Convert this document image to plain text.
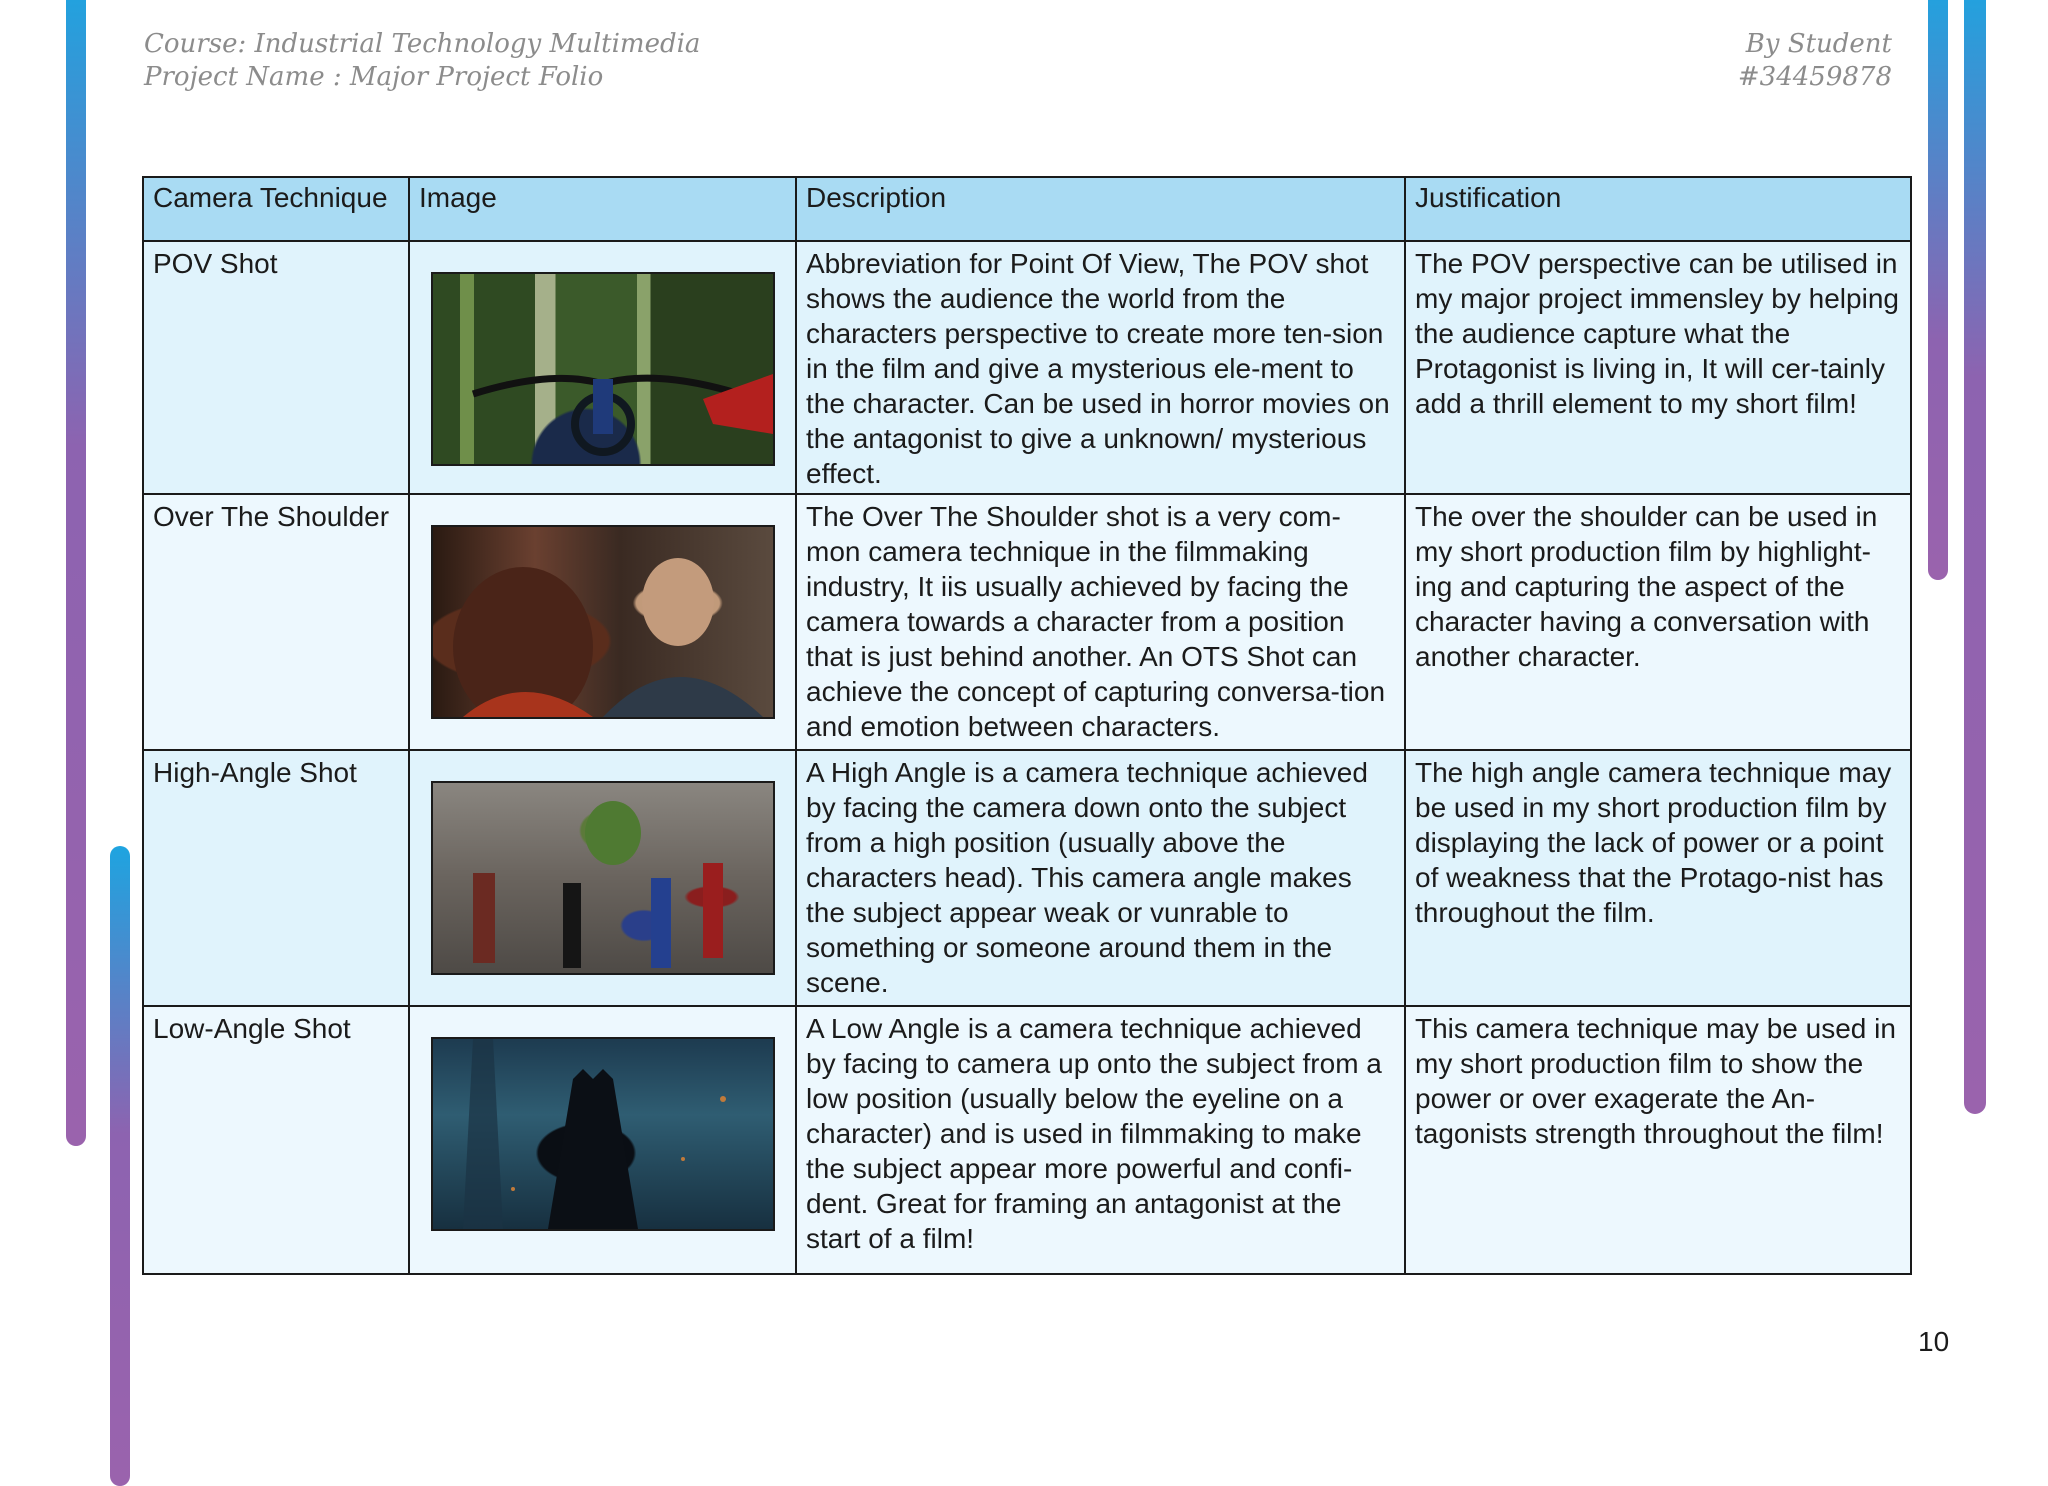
Course: Industrial Technology Multimedia
Project Name : Major Project Folio
By Student
#34459878
Camera Technique	Image	Description	Justification
POV Shot		Abbreviation for Point Of View, The POV shot shows the audience the world from the characters perspective to create more ten-sion in the film and give a mysterious ele-ment to the character. Can be used in horror movies on the antagonist to give a unknown/ mysterious effect.	The POV perspective can be utilised in my major project immensley by helping the audience capture what the Protagonist is living in, It will cer-tainly add a thrill element to my short film!
Over The Shoulder		The Over The Shoulder shot is a very com-mon camera technique in the filmmaking industry, It iis usually achieved by facing the camera towards a character from a position that is just behind another. An OTS Shot can achieve the concept of capturing conversa-tion and emotion between characters.	The over the shoulder can be used in my short production film by highlight-ing and capturing the aspect of the character having a conversation with another character.
High-Angle Shot		A High Angle is a camera technique achieved by facing the camera down onto the subject from a high position (usually above the characters head). This camera angle makes the subject appear weak or vunrable to something or someone around them in the scene.	The high angle camera technique may be used in my short production film by displaying the lack of power or a point of weakness that the Protago-nist has throughout the film.
Low-Angle Shot		A Low Angle is a camera technique achieved by facing to camera up onto the subject from a low position (usually below the eyeline on a character) and is used in filmmaking to make the subject appear more powerful and confi-dent. Great for framing an antagonist at the start of a film!	This camera technique may be used in my short production film to show the power or over exagerate the An-tagonists strength throughout the film!
10
